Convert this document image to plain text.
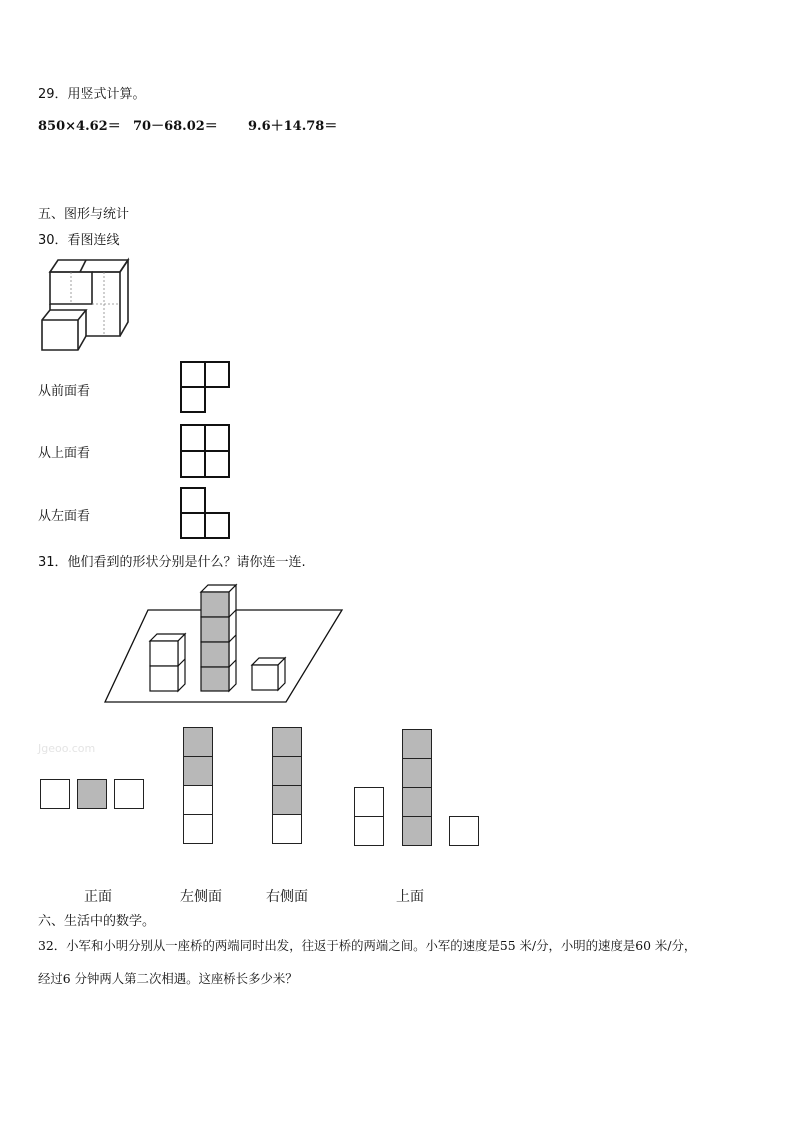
29．用竖式计算。
850×4.62＝ 70－68.02＝ 9.6＋14.78＝
五、图形与统计
30．看图连线
从前面看
从上面看
从左面看
31．他们看到的形状分别是什么？请你连一连.
Jgeoo.com
正面	左侧面	右侧面	上面
六、生活中的数学。
32．小军和小明分别从一座桥的两端同时出发，往返于桥的两端之间。小军的速度是55 米/分，小明的速度是60 米/分，
经过6 分钟两人第二次相遇。这座桥长多少米？
